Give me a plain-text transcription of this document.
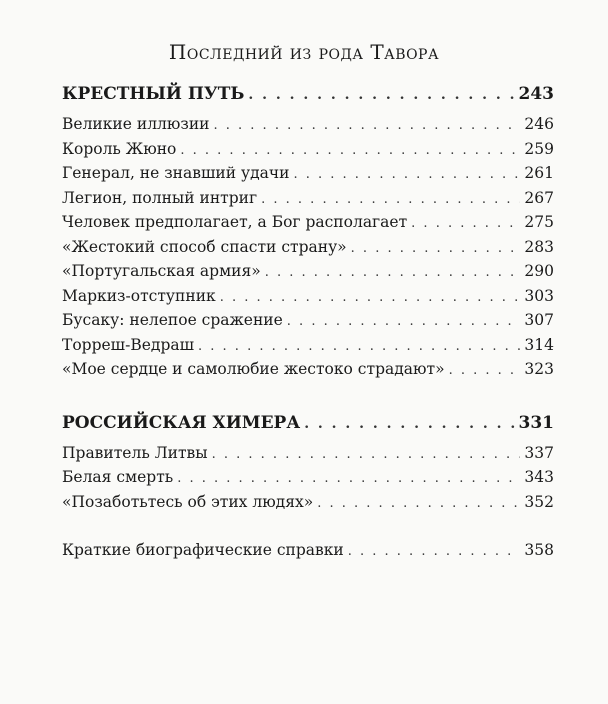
Последний из рода Тавора
КРЕСТНЫЙ ПУТЬ . . .	243
Великие иллюзии . . .	246
Король Жюно . . .	259
Генерал, не знавший удачи . . .	261
Легион, полный интриг . . .	267
Человек предполагает, а Бог располагает . . .	275
«Жестокий способ спасти страну» . . .	283
«Португальская армия» . . .	290
Маркиз-отступник . . .	303
Бусаку: нелепое сражение . . .	307
Торреш-Ведраш . . .	314
«Мое сердце и самолюбие жестоко страдают» . . .	323
РОССИЙСКАЯ ХИМЕРА . . .	331
Правитель Литвы . . .	337
Белая смерть . . .	343
«Позаботьтесь об этих людях» . . .	352
Краткие биографические справки . . .	358
